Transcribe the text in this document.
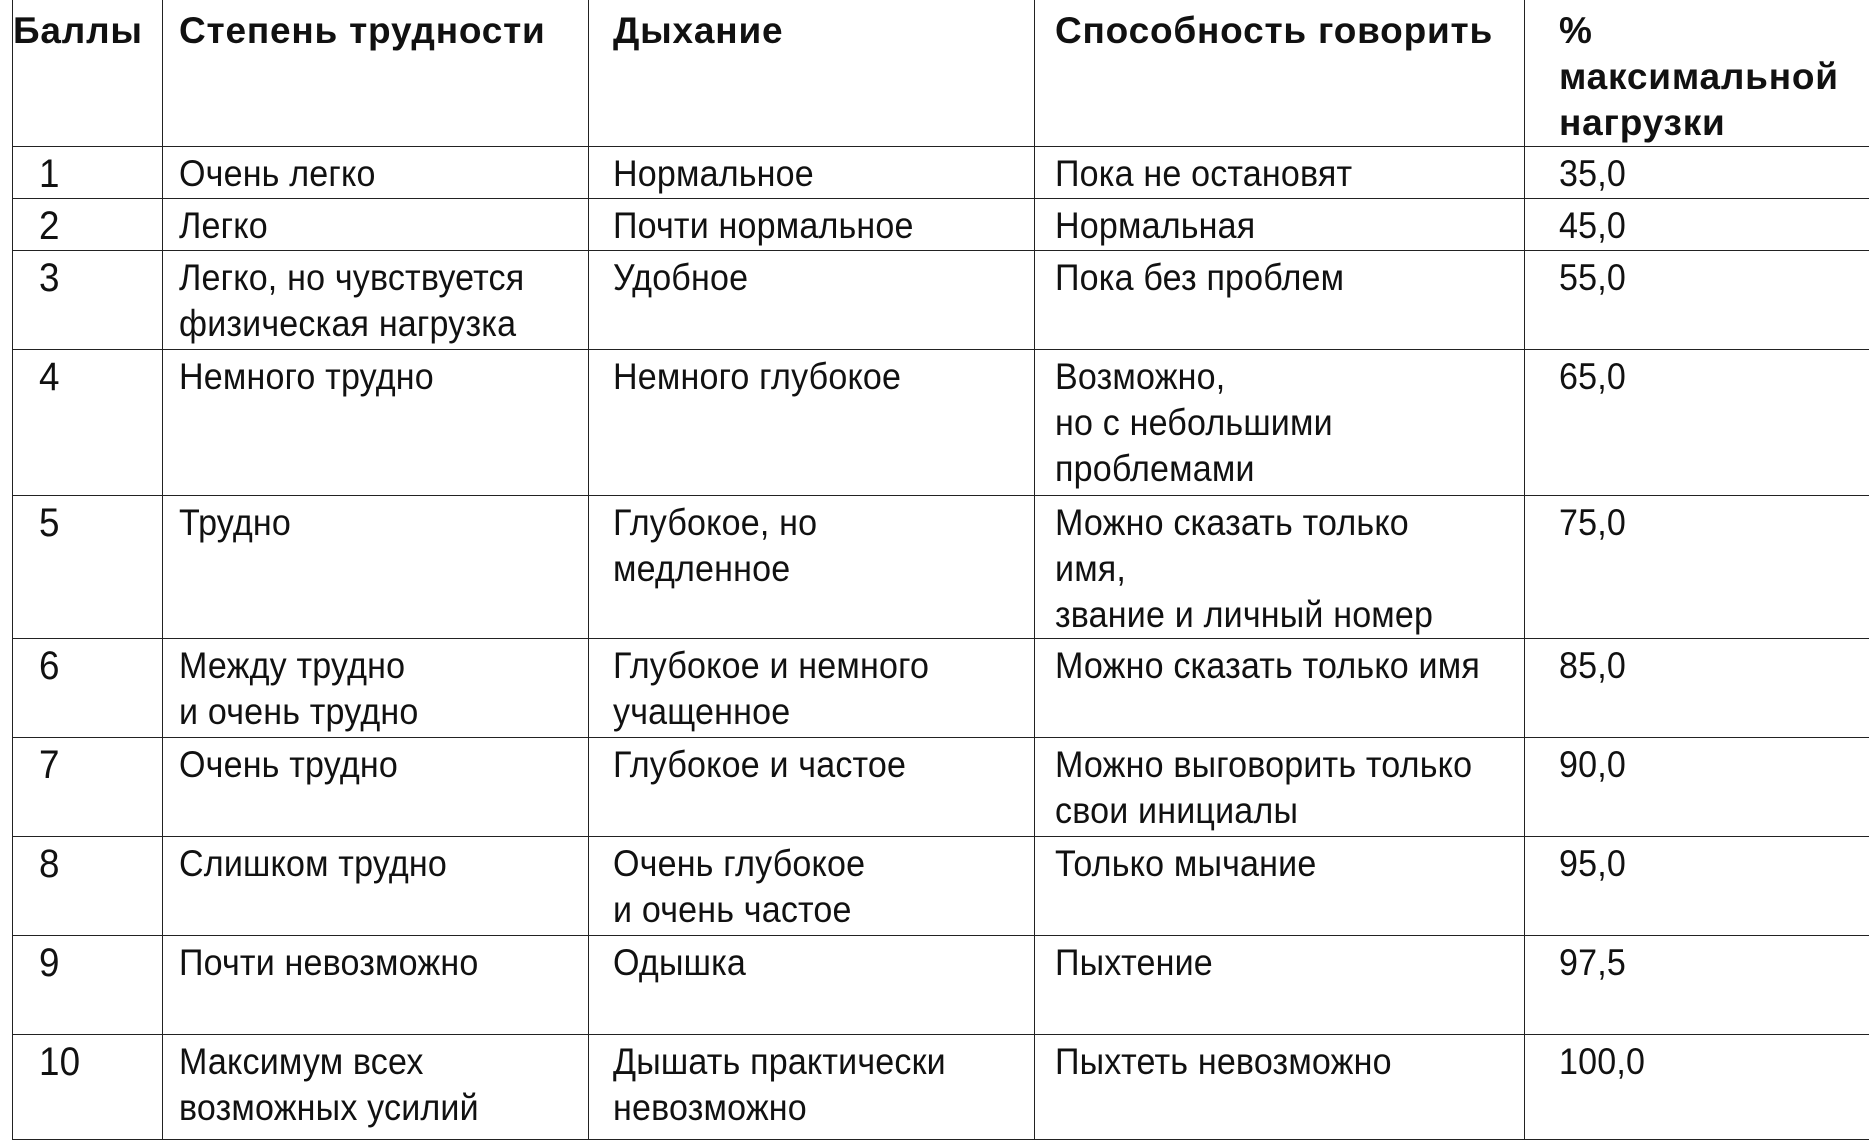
Баллы	Степень трудности	Дыхание	Способность говорить	% максимальной
нагрузки
1	Очень легко	Нормальное	Пока не остановят	35,0
2	Легко	Почти нормальное	Нормальная	45,0
3	Легко, но чувствуется
физическая нагрузка	Удобное	Пока без проблем	55,0
4	Немного трудно	Немного глубокое	Возможно,
но с небольшими
проблемами	65,0
5	Трудно	Глубокое, но медленное	Можно сказать только имя,
звание и личный номер	75,0
6	Между трудно
и очень трудно	Глубокое и немного
учащенное	Можно сказать только имя	85,0
7	Очень трудно	Глубокое и частое	Можно выговорить только
свои инициалы	90,0
8	Слишком трудно	Очень глубокое
и очень частое	Только мычание	95,0
9	Почти невозможно	Одышка	Пыхтение	97,5
10	Максимум всех
возможных усилий	Дышать практически
невозможно	Пыхтеть невозможно	100,0
